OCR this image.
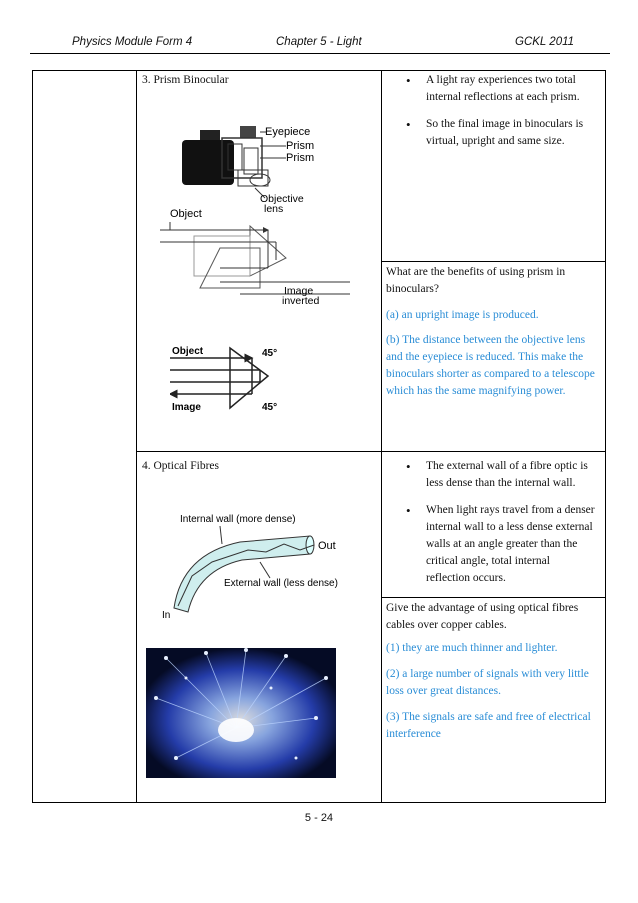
Physics Module Form 4	Chapter 5 - Light	GCKL 2011
3. Prism Binocular
Eyepiece
Prism
Prism
Objective
lens
Object
Image
inverted
Object
Image
45°
45°
• A light ray experiences two total internal reflections at each prism.
• So the final image in binoculars is virtual, upright and same size.
What are the benefits of using prism in binoculars?
(a) an upright image is produced.
(b) The distance between the objective lens and the eyepiece is reduced. This make the binoculars shorter as compared to a telescope which has the same magnifying power.
4. Optical Fibres
Internal wall (more dense)
External wall (less dense)
Out
In
• The external wall of a fibre optic is less dense than the internal wall.
• When light rays travel from a denser internal wall to a less dense external walls at an angle greater than the critical angle, total internal reflection occurs.
Give the advantage of using optical fibres cables over copper cables.
(1) they are much thinner and lighter.
(2) a large number of signals with very little loss over great distances.
(3) The signals are safe and free of electrical interference
5 - 24
